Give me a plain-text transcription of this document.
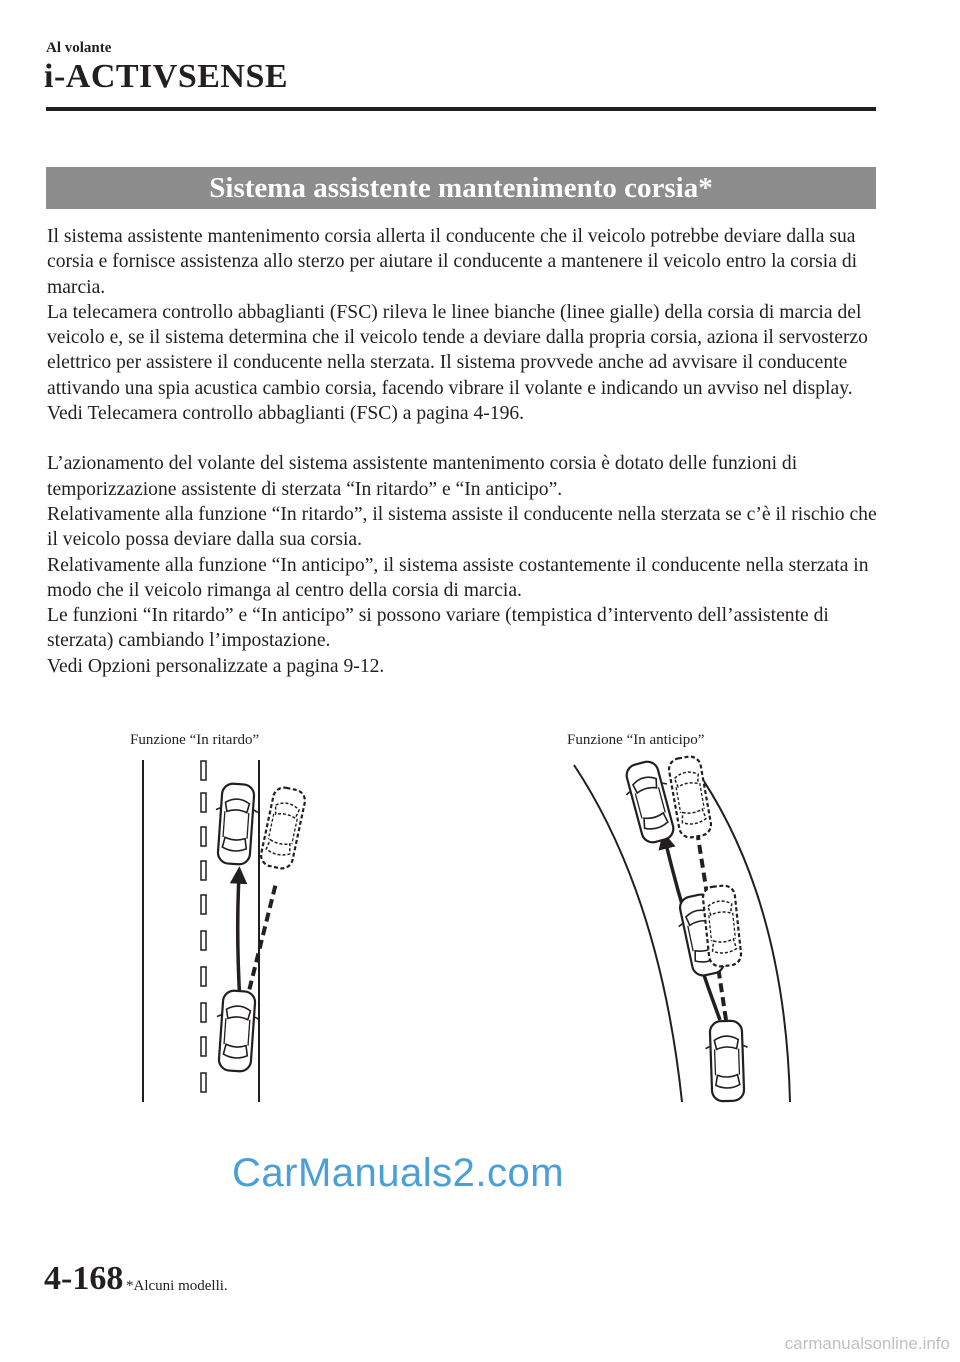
Al volante
i-ACTIVSENSE
Sistema assistente mantenimento corsia*

Il sistema assistente mantenimento corsia allerta il conducente che il veicolo potrebbe deviare dalla sua corsia e fornisce assistenza allo sterzo per aiutare il conducente a mantenere il veicolo entro la corsia di marcia.

La telecamera controllo abbaglianti (FSC) rileva le linee bianche (linee gialle) della corsia di marcia del veicolo e, se il sistema determina che il veicolo tende a deviare dalla propria corsia, aziona il servosterzo elettrico per assistere il conducente nella sterzata. Il sistema provvede anche ad avvisare il conducente attivando una spia acustica cambio corsia, facendo vibrare il volante e indicando un avviso nel display.

Vedi Telecamera controllo abbaglianti (FSC) a pagina 4-196.

L’azionamento del volante del sistema assistente mantenimento corsia è dotato delle funzioni di temporizzazione assistente di sterzata “In ritardo” e “In anticipo”.

Relativamente alla funzione “In ritardo”, il sistema assiste il conducente nella sterzata se c’è il rischio che il veicolo possa deviare dalla sua corsia.

Relativamente alla funzione “In anticipo”, il sistema assiste costantemente il conducente nella sterzata in modo che il veicolo rimanga al centro della corsia di marcia.

Le funzioni “In ritardo” e “In anticipo” si possono variare (tempistica d’intervento dell’assistente di sterzata) cambiando l’impostazione.

Vedi Opzioni personalizzate a pagina 9-12.

Funzione “In ritardo”	Funzione “In anticipo”
CarManuals2.com
4-168 *Alcuni modelli.
carmanualsonline.info
